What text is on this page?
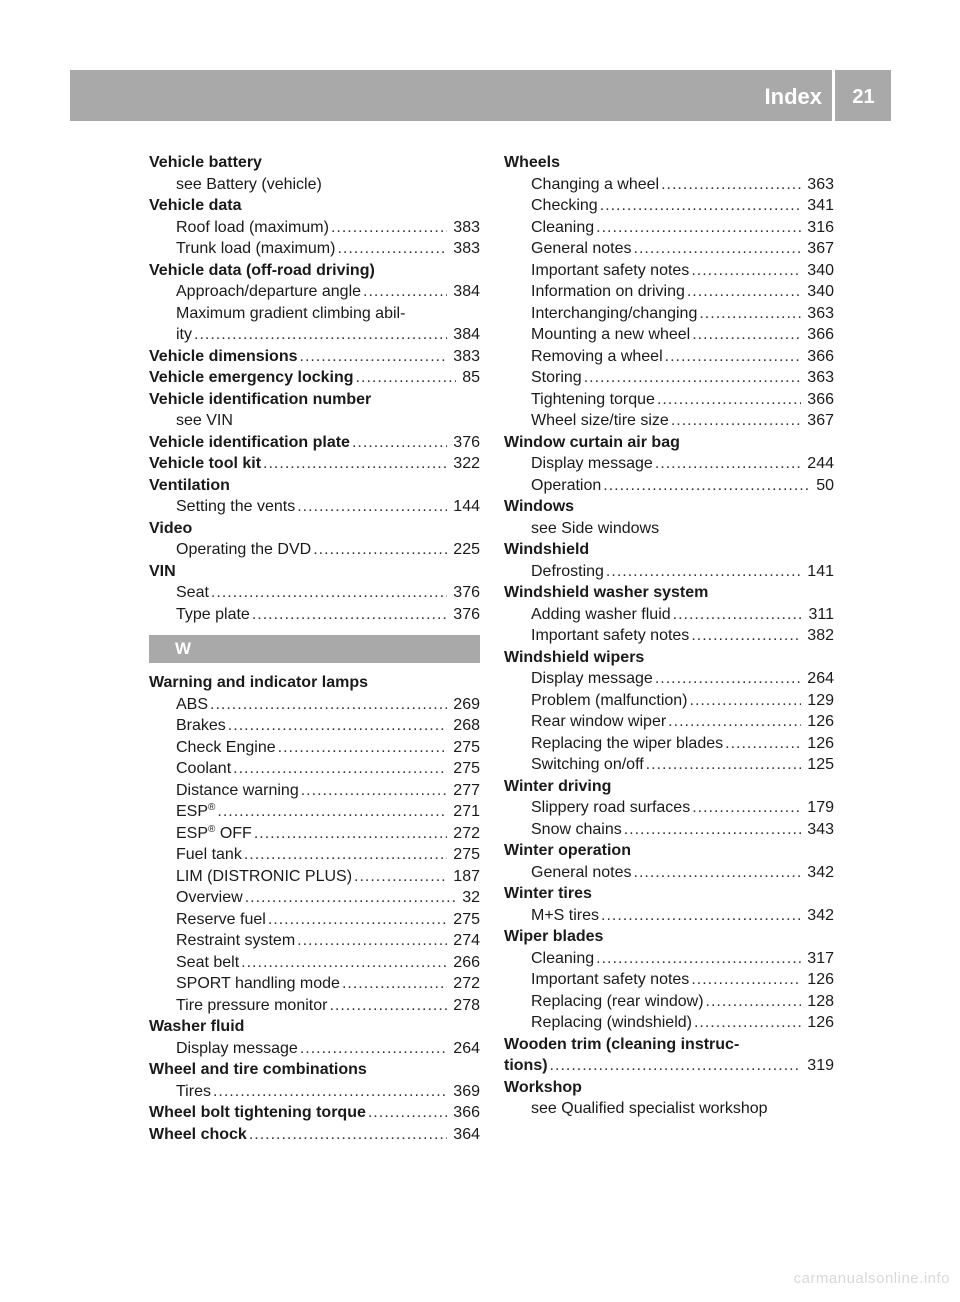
Index	21
Vehicle battery
see Battery (vehicle)
Vehicle data
Roof load (maximum) .....	383
Trunk load (maximum) .....	383
Vehicle data (off-road driving)
Approach/departure angle .....	384
Maximum gradient climbing abil-
ity .....	384
Vehicle dimensions .....	383
Vehicle emergency locking .....	85
Vehicle identification number
see VIN
Vehicle identification plate .....	376
Vehicle tool kit .....	322
Ventilation
Setting the vents .....	144
Video
Operating the DVD .....	225
VIN
Seat .....	376
Type plate .....	376
W
Warning and indicator lamps
ABS .....	269
Brakes .....	268
Check Engine .....	275
Coolant .....	275
Distance warning .....	277
ESP® .....	271
ESP® OFF .....	272
Fuel tank .....	275
LIM (DISTRONIC PLUS) .....	187
Overview .....	32
Reserve fuel .....	275
Restraint system .....	274
Seat belt .....	266
SPORT handling mode .....	272
Tire pressure monitor .....	278
Washer fluid
Display message .....	264
Wheel and tire combinations
Tires .....	369
Wheel bolt tightening torque .....	366
Wheel chock .....	364
Wheels
Changing a wheel .....	363
Checking .....	341
Cleaning .....	316
General notes .....	367
Important safety notes .....	340
Information on driving .....	340
Interchanging/changing .....	363
Mounting a new wheel .....	366
Removing a wheel .....	366
Storing .....	363
Tightening torque .....	366
Wheel size/tire size .....	367
Window curtain air bag
Display message .....	244
Operation .....	50
Windows
see Side windows
Windshield
Defrosting .....	141
Windshield washer system
Adding washer fluid .....	311
Important safety notes .....	382
Windshield wipers
Display message .....	264
Problem (malfunction) .....	129
Rear window wiper .....	126
Replacing the wiper blades .....	126
Switching on/off .....	125
Winter driving
Slippery road surfaces .....	179
Snow chains .....	343
Winter operation
General notes .....	342
Winter tires
M+S tires .....	342
Wiper blades
Cleaning .....	317
Important safety notes .....	126
Replacing (rear window) .....	128
Replacing (windshield) .....	126
Wooden trim (cleaning instruc-
tions) .....	319
Workshop
see Qualified specialist workshop
carmanualsonline.info
